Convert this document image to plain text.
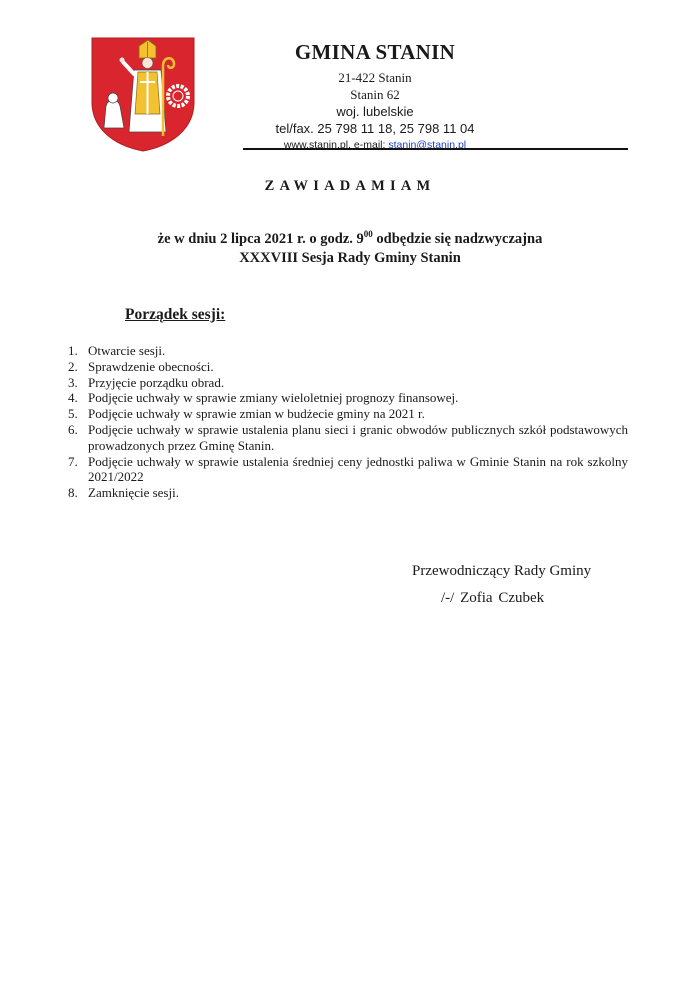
GMINA STANIN
21-422 Stanin
Stanin 62
woj. lubelskie
tel/fax. 25 798 11 18, 25 798 11 04
www.stanin.pl, e-mail: stanin@stanin.pl
ZAWIADAMIAM
że w dniu 2 lipca 2021 r. o godz. $9^{00}$ odbędzie się nadzwyczajna
XXXVIII Sesja Rady Gminy Stanin
Porządek sesji:
1. Otwarcie sesji.
2. Sprawdzenie obecności.
3. Przyjęcie porządku obrad.
4. Podjęcie uchwały w sprawie zmiany wieloletniej prognozy finansowej.
5. Podjęcie uchwały w sprawie zmian w budżecie gminy na 2021 r.
6. Podjęcie uchwały w sprawie ustalenia planu sieci i granic obwodów publicznych szkół podstawowych prowadzonych przez Gminę Stanin.
7. Podjęcie uchwały w sprawie ustalenia średniej ceny jednostki paliwa w Gminie Stanin na rok szkolny 2021/2022
8. Zamknięcie sesji.
Przewodniczący Rady Gminy
/-/ Zofia Czubek
